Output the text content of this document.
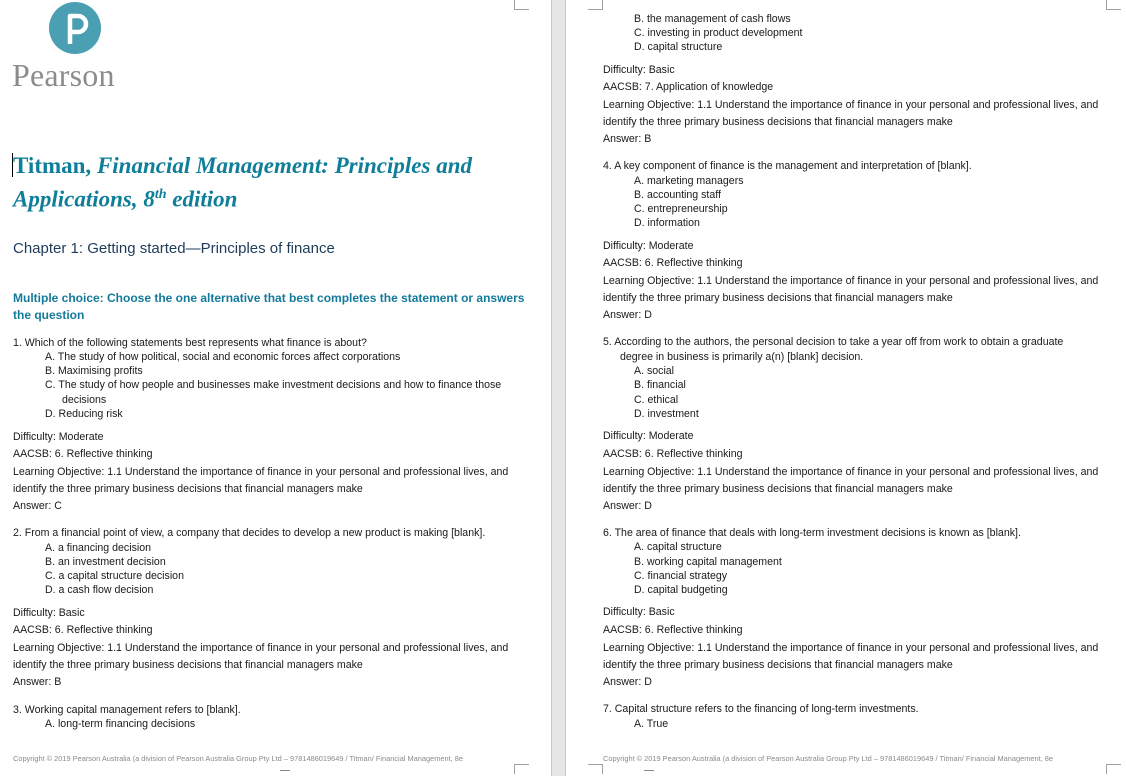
Pearson
Titman, Financial Management: Principles and Applications, 8th edition
Chapter 1: Getting started—Principles of finance
Multiple choice: Choose the one alternative that best completes the statement or answers the question
1. Which of the following statements best represents what finance is about?
A. The study of how political, social and economic forces affect corporations
B. Maximising profits
C. The study of how people and businesses make investment decisions and how to finance those
decisions
D. Reducing risk
Difficulty: Moderate
AACSB: 6. Reflective thinking
Learning Objective: 1.1 Understand the importance of finance in your personal and professional lives, and
identify the three primary business decisions that financial managers make
Answer: C
2. From a financial point of view, a company that decides to develop a new product is making [blank].
A. a financing decision
B. an investment decision
C. a capital structure decision
D. a cash flow decision
Difficulty: Basic
AACSB: 6. Reflective thinking
Learning Objective: 1.1 Understand the importance of finance in your personal and professional lives, and
identify the three primary business decisions that financial managers make
Answer: B
3. Working capital management refers to [blank].
A. long-term financing decisions
Copyright © 2019 Pearson Australia (a division of Pearson Australia Group Pty Ltd – 9781486019649 / Titman/ Financial Management, 8e
B. the management of cash flows
C. investing in product development
D. capital structure
Difficulty: Basic
AACSB: 7. Application of knowledge
Learning Objective: 1.1 Understand the importance of finance in your personal and professional lives, and
identify the three primary business decisions that financial managers make
Answer: B
4. A key component of finance is the management and interpretation of [blank].
A. marketing managers
B. accounting staff
C. entrepreneurship
D. information
Difficulty: Moderate
AACSB: 6. Reflective thinking
Learning Objective: 1.1 Understand the importance of finance in your personal and professional lives, and
identify the three primary business decisions that financial managers make
Answer: D
5. According to the authors, the personal decision to take a year off from work to obtain a graduate
degree in business is primarily a(n) [blank] decision.
A. social
B. financial
C. ethical
D. investment
Difficulty: Moderate
AACSB: 6. Reflective thinking
Learning Objective: 1.1 Understand the importance of finance in your personal and professional lives, and
identify the three primary business decisions that financial managers make
Answer: D
6. The area of finance that deals with long-term investment decisions is known as [blank].
A. capital structure
B. working capital management
C. financial strategy
D. capital budgeting
Difficulty: Basic
AACSB: 6. Reflective thinking
Learning Objective: 1.1 Understand the importance of finance in your personal and professional lives, and
identify the three primary business decisions that financial managers make
Answer: D
7. Capital structure refers to the financing of long-term investments.
A. True
Copyright © 2019 Pearson Australia (a division of Pearson Australia Group Pty Ltd – 9781486019649 / Titman/ Financial Management, 8e
